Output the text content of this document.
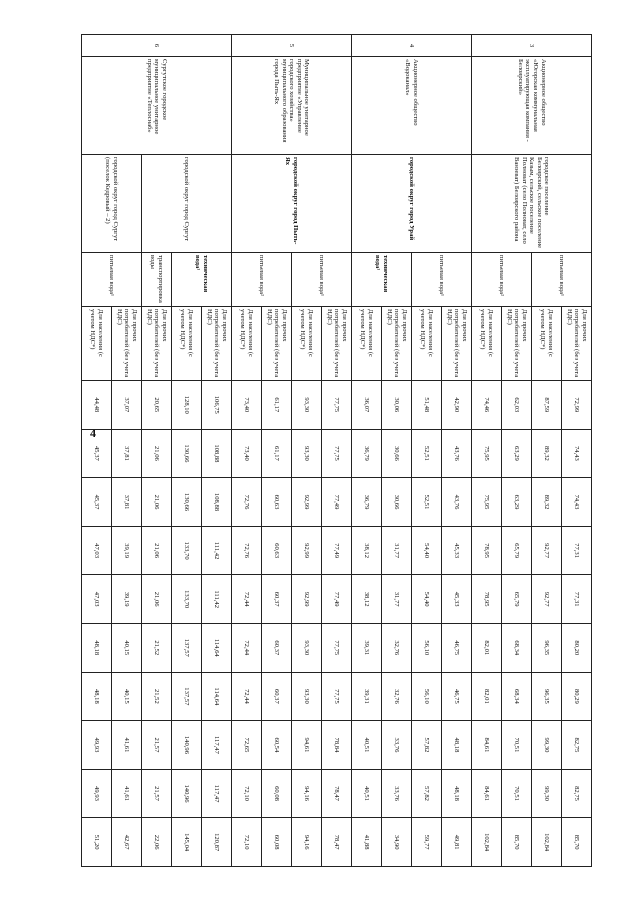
4
3	Акционерное общество «Югорская коммунальная эксплуатирующая компания - Белоярский»	городское поселение Белоярский, сельское поселение Казым, сельское поселение Полноват (село Полноват, село Ванзеват) Белоярского района	питьевая вода¹	Для прочих потребителей (без учета НДС)	72,99	74,43	74,43	77,31	77,31	80,20	80,29	82,75	82,75	85,70
				Для населения (с учетом НДС*)	87,59	89,32	89,32	92,77	92,77	96,35	96,35	99,30	99,30	102,84
			питьевая вода²	Для прочих потребителей (без учета НДС)	62,03	63,29	63,29	65,79	65,79	68,34	68,34	70,51	70,51	85,70
				Для населения (с учетом НДС*)	74,46	75,95	75,95	78,95	78,95	82,01	82,01	84,61	84,61	102,84
4	Акционерное общество «Водоканал»	городской округ город Урай	питьевая вода¹	Для прочих потребителей (без учета НДС)	42,90	43,76	43,76	45,33	45,33	46,75	46,75	48,18	48,18	49,81
				Для населения (с учетом НДС*)	51,48	52,51	52,51	54,40	54,40	56,10	56,10	57,82	57,82	59,77
			техническая вода¹	Для прочих потребителей (без учета НДС)	30,06	30,66	30,66	31,77	31,77	32,76	32,76	33,76	33,76	34,90
				Для населения (с учетом НДС*)	36,07	36,79	36,79	38,12	38,12	39,31	39,31	40,51	40,51	41,88
5	Муниципальное унитарное предприятие «Управление городского хозяйства» муниципального образования города Пыть-Ях	городской округ город Пыть-Ях	питьевая вода¹	Для прочих потребителей (без учета НДС)	77,75	77,75	77,49	77,49	77,49	77,75	77,75	78,84	78,47	78,47
				Для населения (с учетом НДС*)	93,30	93,30	92,99	92,99	92,99	93,30	93,30	94,61	94,16	94,16
			питьевая вода²	Для прочих потребителей (без учета НДС)	61,17	61,17	60,63	60,63	60,37	60,37	60,37	60,54	60,08	60,08
				Для населения (с учетом НДС*)	73,40	73,40	72,76	72,76	72,44	72,44	72,44	72,65	72,10	72,10
6	Сургутское городское муниципальное унитарное предприятие «Теплоснаб»	городской округ город Сургут	техническая вода¹	Для прочих потребителей (без учета НДС)	106,75	108,88	108,88	111,42	111,42	114,64	114,64	117,47	117,47	120,87
				Для населения (с учетом НДС*)	128,10	130,66	130,66	133,70	133,70	137,57	137,57	140,96	140,96	145,04
			транспортировка воды	Для прочих потребителей (без учета НДС)	20,65	21,06	21,06	21,06	21,06	21,52	21,52	21,57	21,57	22,06
		городской округ город Сургут (поселок Кедровый – 2)	питьевая вода¹	Для прочих потребителей (без учета НДС)	37,07	37,81	37,81	39,19	39,19	40,15	40,15	41,61	41,61	42,67
				Для населения (с учетом НДС*)	44,48	45,37	45,37	47,03	47,03	48,18	48,18	49,93	49,93	51,20
